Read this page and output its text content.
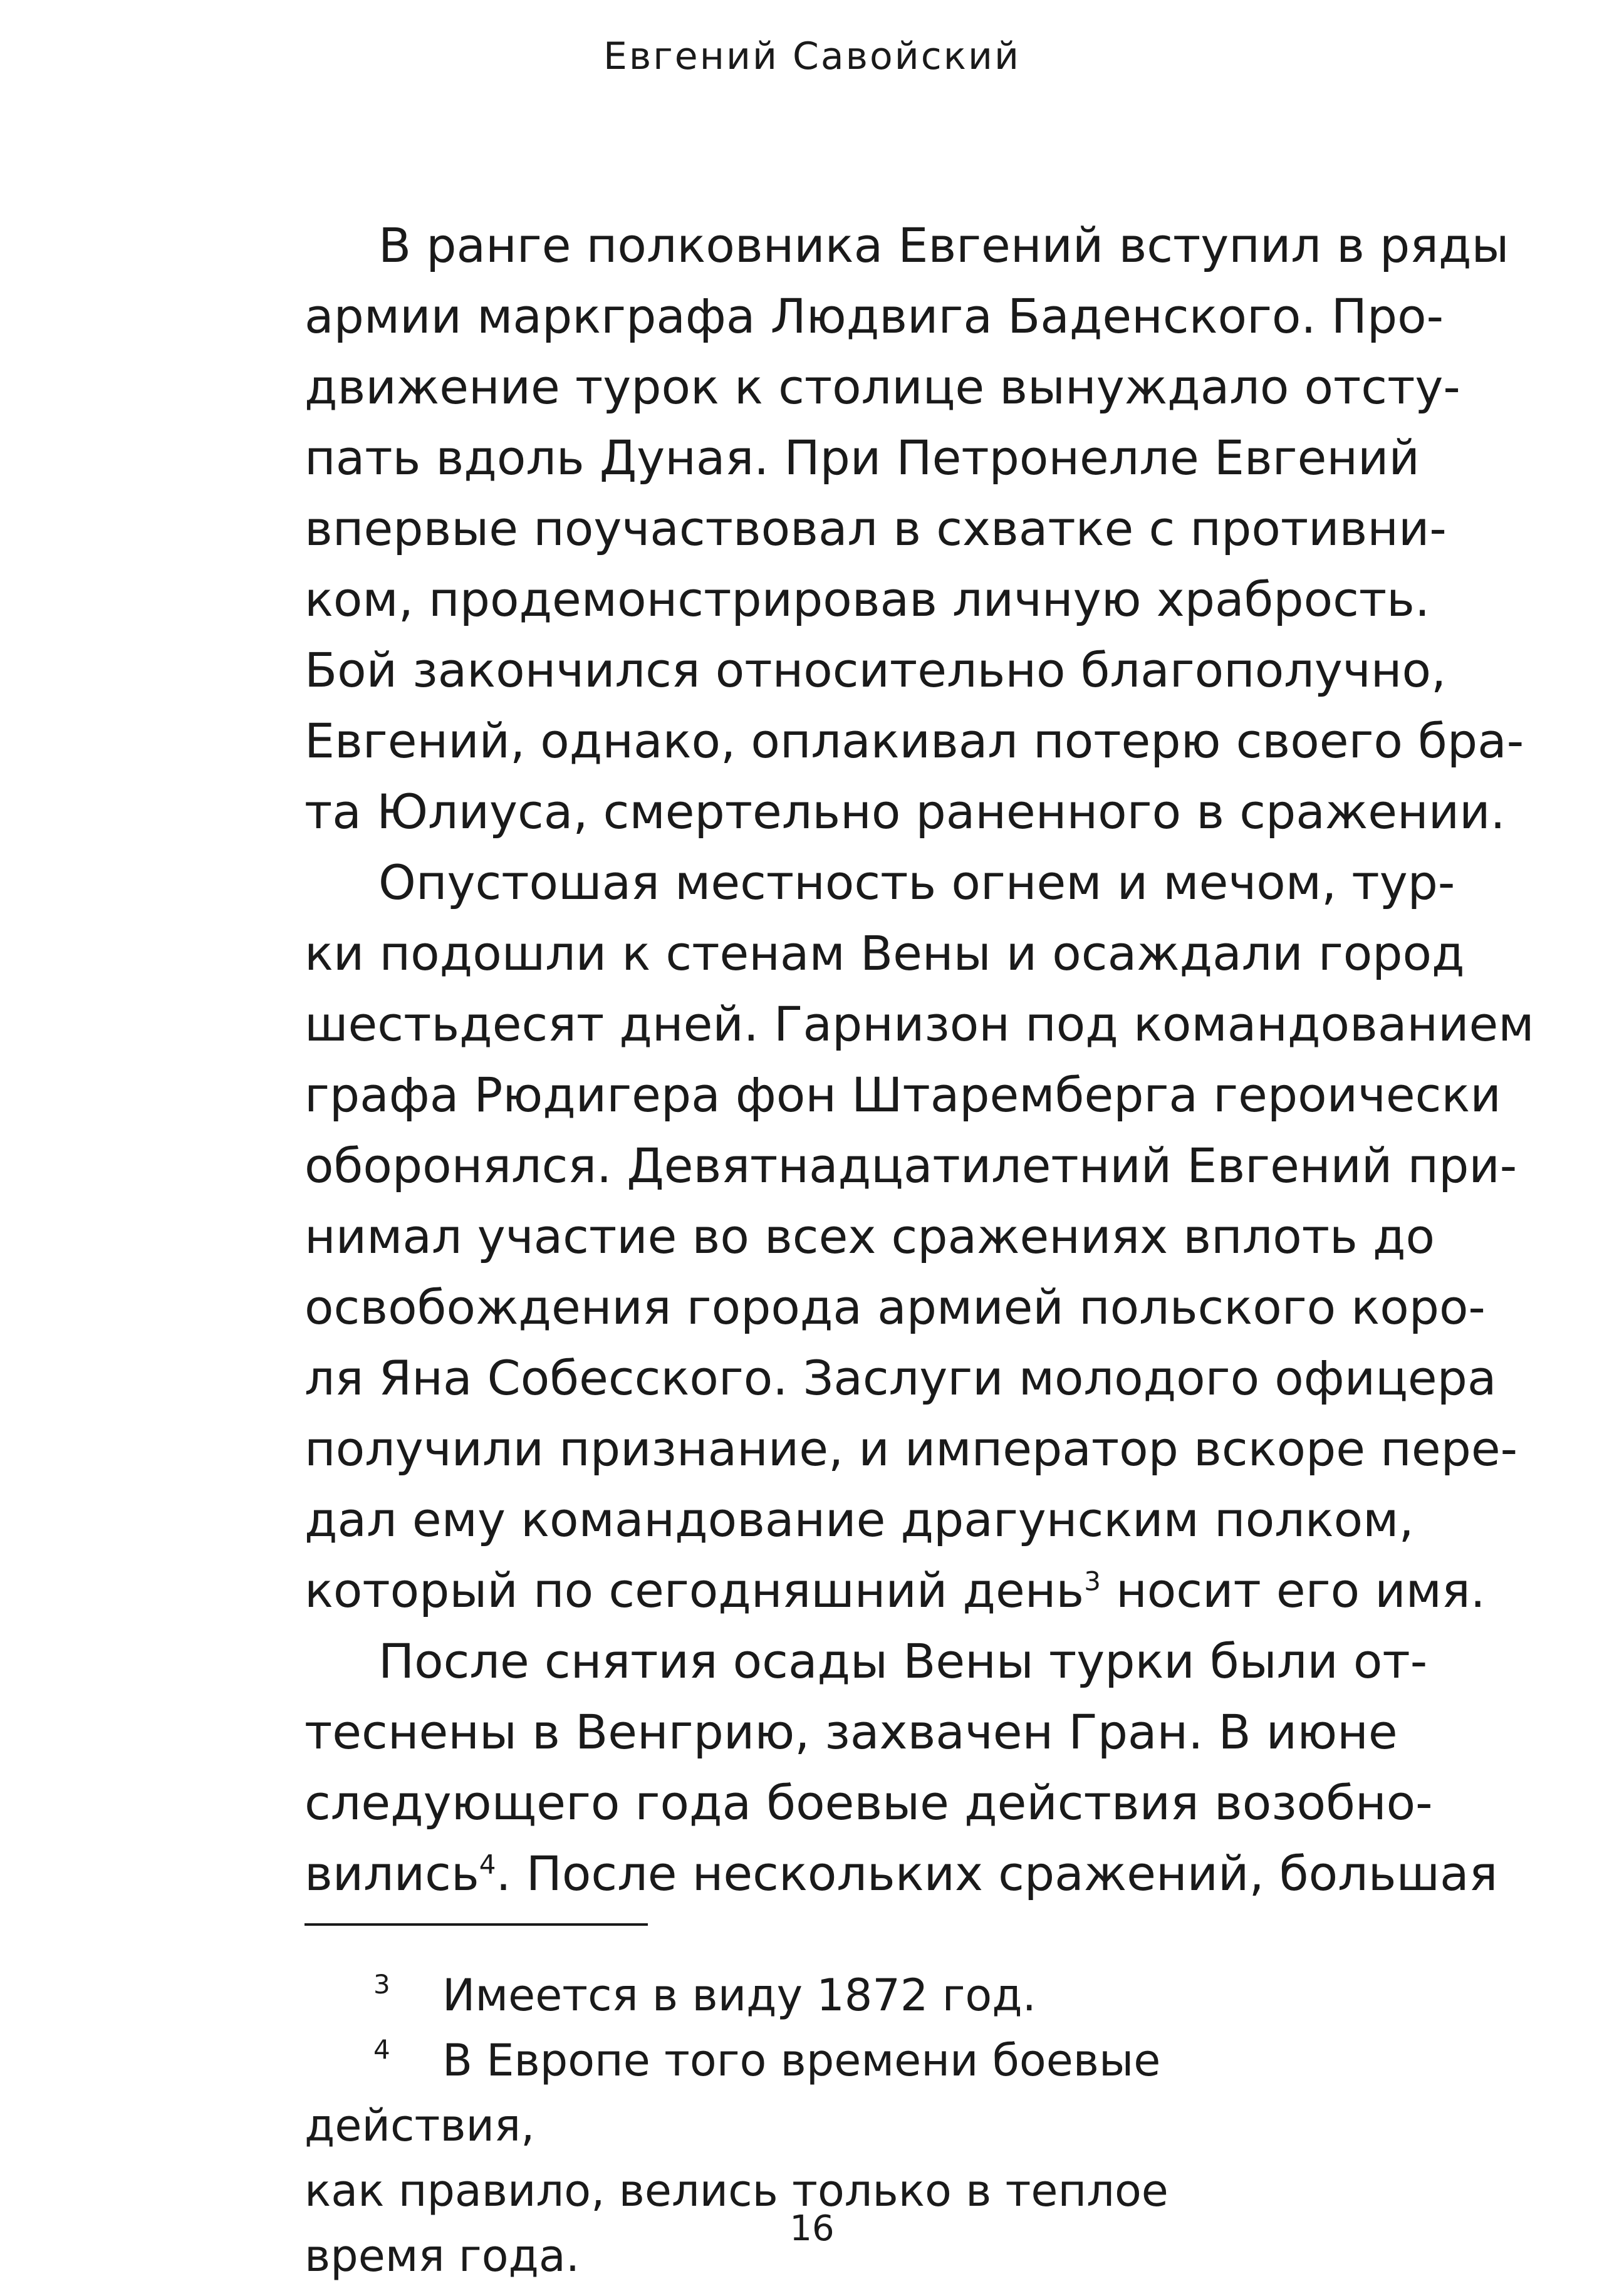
Евгений Савойский
В ранге полковника Евгений вступил в ряды
армии маркграфа Людвига Баденского. Про-
движение турок к столице вынуждало отсту-
пать вдоль Дуная. При Петронелле Евгений
впервые поучаствовал в схватке с противни-
ком, продемонстрировав личную храбрость.
Бой закончился относительно благополучно,
Евгений, однако, оплакивал потерю своего бра-
та Юлиуса, смертельно раненного в сражении.
Опустошая местность огнем и мечом, тур-
ки подошли к стенам Вены и осаждали город
шестьдесят дней. Гарнизон под командованием
графа Рюдигера фон Штаремберга героически
оборонялся. Девятнадцатилетний Евгений при-
нимал участие во всех сражениях вплоть до
освобождения города армией польского коро-
ля Яна Собесского. Заслуги молодого офицера
получили признание, и император вскоре пере-
дал ему командование драгунским полком,
который по сегодняшний день$^3$ носит его имя.
После снятия осады Вены турки были от-
теснены в Венгрию, захвачен Гран. В июне
следующего года боевые действия возобно-
вились$^4$. После нескольких сражений, большая
3 Имеется в виду 1872 год.
4 В Европе того времени боевые действия,
как правило, велись только в теплое время года.
16
